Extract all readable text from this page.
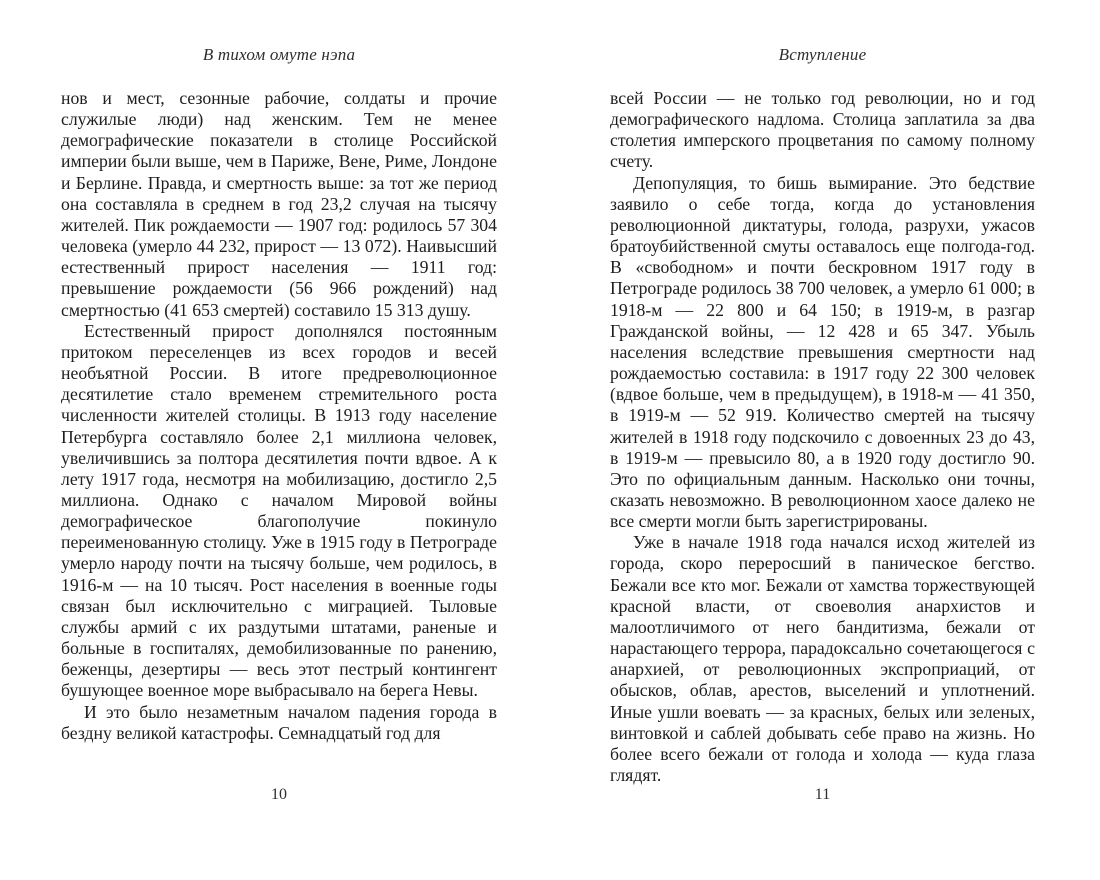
В тихом омуте нэпа

нов и мест, сезонные рабочие, солдаты и прочие служилые люди) над женским. Тем не менее демографические показатели в столице Российской империи были выше, чем в Париже, Вене, Риме, Лондоне и Берлине. Правда, и смертность выше: за тот же период она составляла в среднем в год 23,2 случая на тысячу жителей. Пик рождаемости — 1907 год: родилось 57 304 человека (умерло 44 232, прирост — 13 072). Наивысший естественный прирост населения — 1911 год: превышение рождаемости (56 966 рождений) над смертностью (41 653 смертей) составило 15 313 душу.

Естественный прирост дополнялся постоянным притоком переселенцев из всех городов и весей необъятной России. В итоге предреволюционное десятилетие стало временем стремительного роста численности жителей столицы. В 1913 году население Петербурга составляло более 2,1 миллиона человек, увеличившись за полтора десятилетия почти вдвое. А к лету 1917 года, несмотря на мобилизацию, достигло 2,5 миллиона. Однако с началом Мировой войны демографическое благополучие покинуло переименованную столицу. Уже в 1915 году в Петрограде умерло народу почти на тысячу больше, чем родилось, в 1916-м — на 10 тысяч. Рост населения в военные годы связан был исключительно с миграцией. Тыловые службы армий с их раздутыми штатами, раненые и больные в госпиталях, демобилизованные по ранению, беженцы, дезертиры — весь этот пестрый контингент бушующее военное море выбрасывало на берега Невы.

И это было незаметным началом падения города в бездну великой катастрофы. Семнадцатый год для

10
Вступление

всей России — не только год революции, но и год демографического надлома. Столица заплатила за два столетия имперского процветания по самому полному счету.

Депопуляция, то бишь вымирание. Это бедствие заявило о себе тогда, когда до установления революционной диктатуры, голода, разрухи, ужасов братоубийственной смуты оставалось еще полгода-год. В «свободном» и почти бескровном 1917 году в Петрограде родилось 38 700 человек, а умерло 61 000; в 1918-м — 22 800 и 64 150; в 1919-м, в разгар Гражданской войны, — 12 428 и 65 347. Убыль населения вследствие превышения смертности над рождаемостью составила: в 1917 году 22 300 человек (вдвое больше, чем в предыдущем), в 1918-м — 41 350, в 1919-м — 52 919. Количество смертей на тысячу жителей в 1918 году подскочило с довоенных 23 до 43, в 1919-м — превысило 80, а в 1920 году достигло 90. Это по официальным данным. Насколько они точны, сказать невозможно. В революционном хаосе далеко не все смерти могли быть зарегистрированы.

Уже в начале 1918 года начался исход жителей из города, скоро переросший в паническое бегство. Бежали все кто мог. Бежали от хамства торжествующей красной власти, от своеволия анархистов и малоотличимого от него бандитизма, бежали от нарастающего террора, парадоксально сочетающегося с анархией, от революционных экспроприаций, от обысков, облав, арестов, выселений и уплотнений. Иные ушли воевать — за красных, белых или зеленых, винтовкой и саблей добывать себе право на жизнь. Но более всего бежали от голода и холода — куда глаза глядят.

11
